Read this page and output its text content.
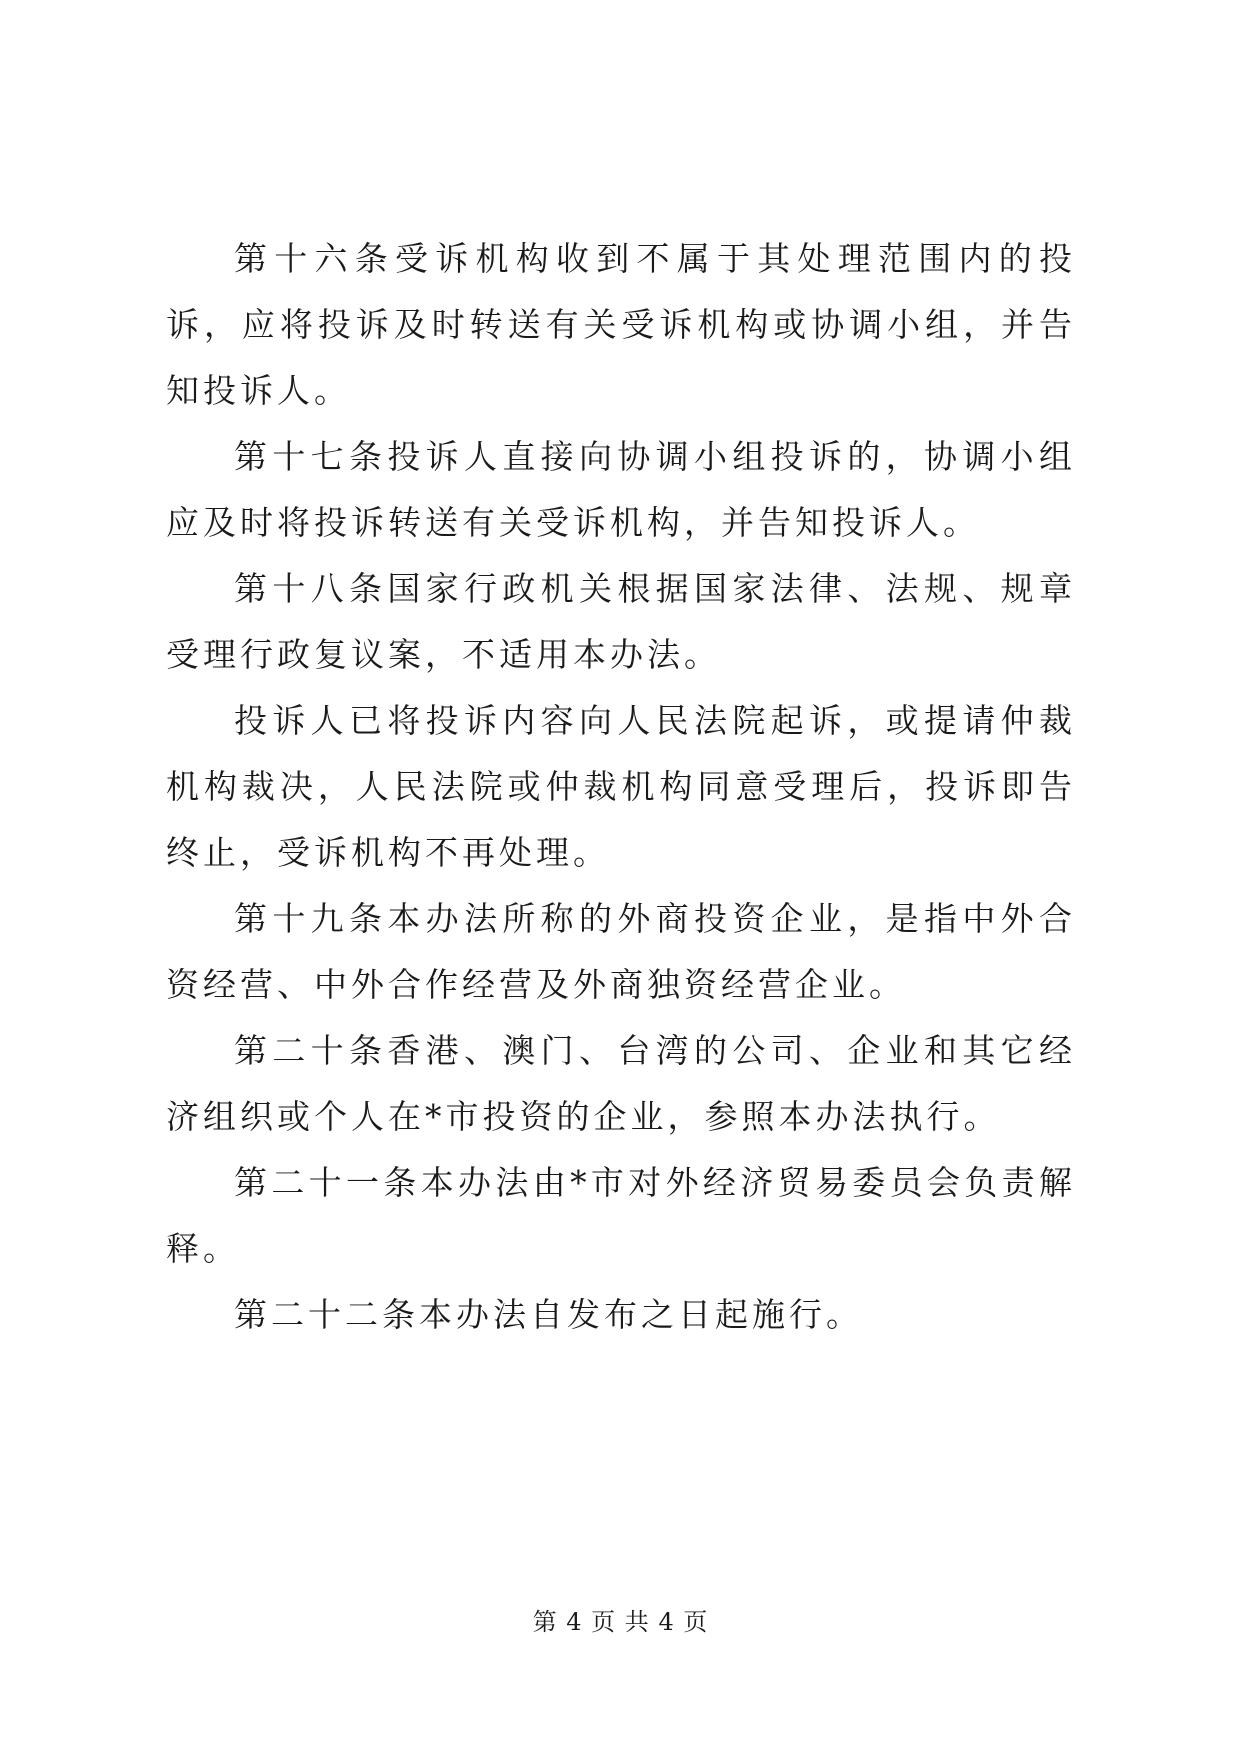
第十六条受诉机构收到不属于其处理范围内的投诉，应将投诉及时转送有关受诉机构或协调小组，并告知投诉人。

第十七条投诉人直接向协调小组投诉的，协调小组应及时将投诉转送有关受诉机构，并告知投诉人。

第十八条国家行政机关根据国家法律、法规、规章受理行政复议案，不适用本办法。

投诉人已将投诉内容向人民法院起诉，或提请仲裁机构裁决，人民法院或仲裁机构同意受理后，投诉即告终止，受诉机构不再处理。

第十九条本办法所称的外商投资企业，是指中外合资经营、中外合作经营及外商独资经营企业。

第二十条香港、澳门、台湾的公司、企业和其它经济组织或个人在*市投资的企业，参照本办法执行。

第二十一条本办法由*市对外经济贸易委员会负责解释。

第二十二条本办法自发布之日起施行。

第 4 页 共 4 页
